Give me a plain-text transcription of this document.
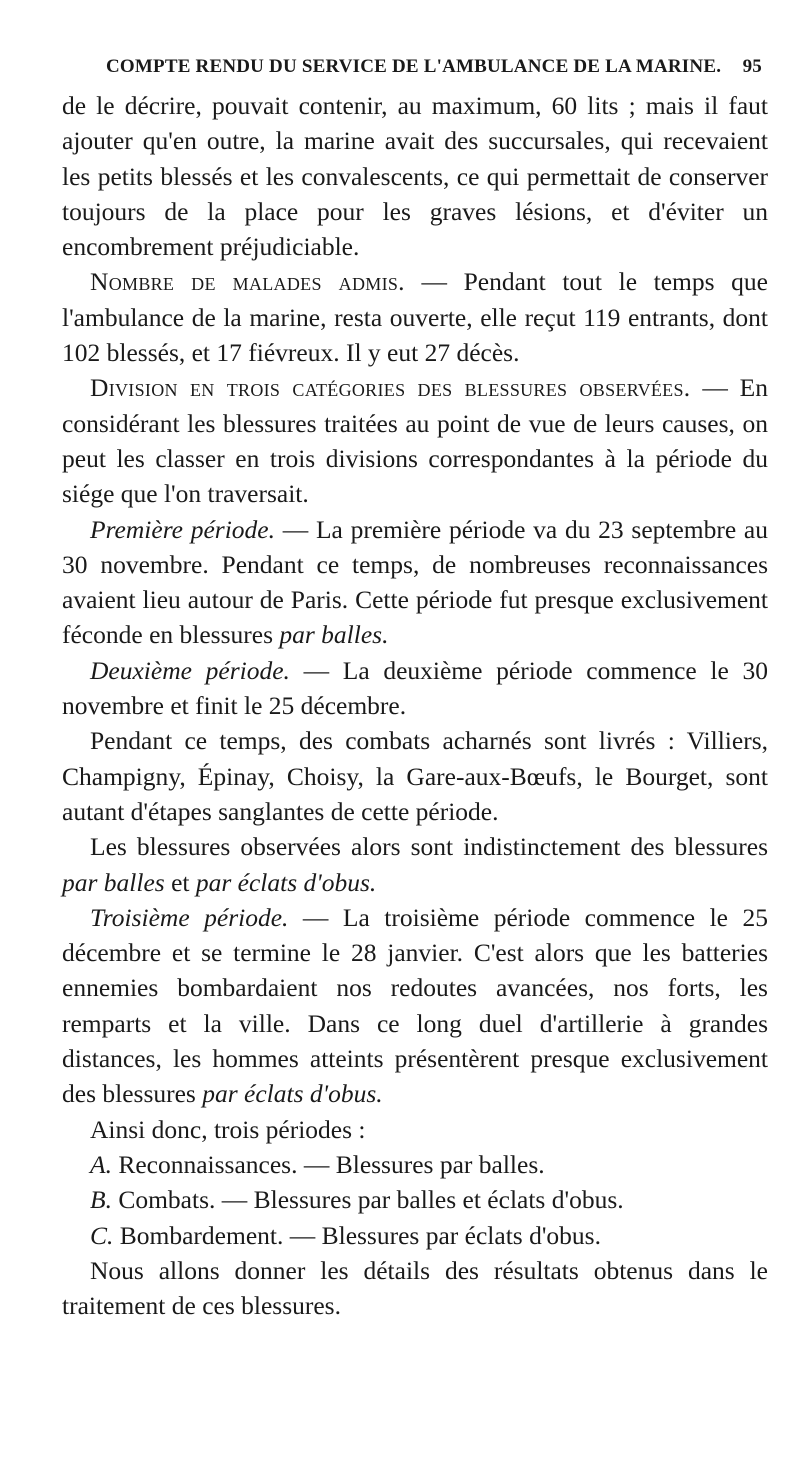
COMPTE RENDU DU SERVICE DE L'AMBULANCE DE LA MARINE. 95

de le décrire, pouvait contenir, au maximum, 60 lits ; mais il faut ajouter qu'en outre, la marine avait des succursales, qui recevaient les petits blessés et les convalescents, ce qui permettait de conserver toujours de la place pour les graves lésions, et d'éviter un encombrement préjudiciable.

Nombre de malades admis. — Pendant tout le temps que l'ambulance de la marine, resta ouverte, elle reçut 119 entrants, dont 102 blessés, et 17 fiévreux. Il y eut 27 décès.

Division en trois catégories des blessures observées. — En considérant les blessures traitées au point de vue de leurs causes, on peut les classer en trois divisions correspondantes à la période du siége que l'on traversait.

Première période. — La première période va du 23 septembre au 30 novembre. Pendant ce temps, de nombreuses reconnaissances avaient lieu autour de Paris. Cette période fut presque exclusivement féconde en blessures par balles.

Deuxième période. — La deuxième période commence le 30 novembre et finit le 25 décembre.

Pendant ce temps, des combats acharnés sont livrés : Villiers, Champigny, Épinay, Choisy, la Gare-aux-Bœufs, le Bourget, sont autant d'étapes sanglantes de cette période.

Les blessures observées alors sont indistinctement des blessures par balles et par éclats d'obus.

Troisième période. — La troisième période commence le 25 décembre et se termine le 28 janvier. C'est alors que les batteries ennemies bombardaient nos redoutes avancées, nos forts, les remparts et la ville. Dans ce long duel d'artillerie à grandes distances, les hommes atteints présentèrent presque exclusivement des blessures par éclats d'obus.

Ainsi donc, trois périodes :

A. Reconnaissances. — Blessures par balles.

B. Combats. — Blessures par balles et éclats d'obus.

C. Bombardement. — Blessures par éclats d'obus.

Nous allons donner les détails des résultats obtenus dans le traitement de ces blessures.
